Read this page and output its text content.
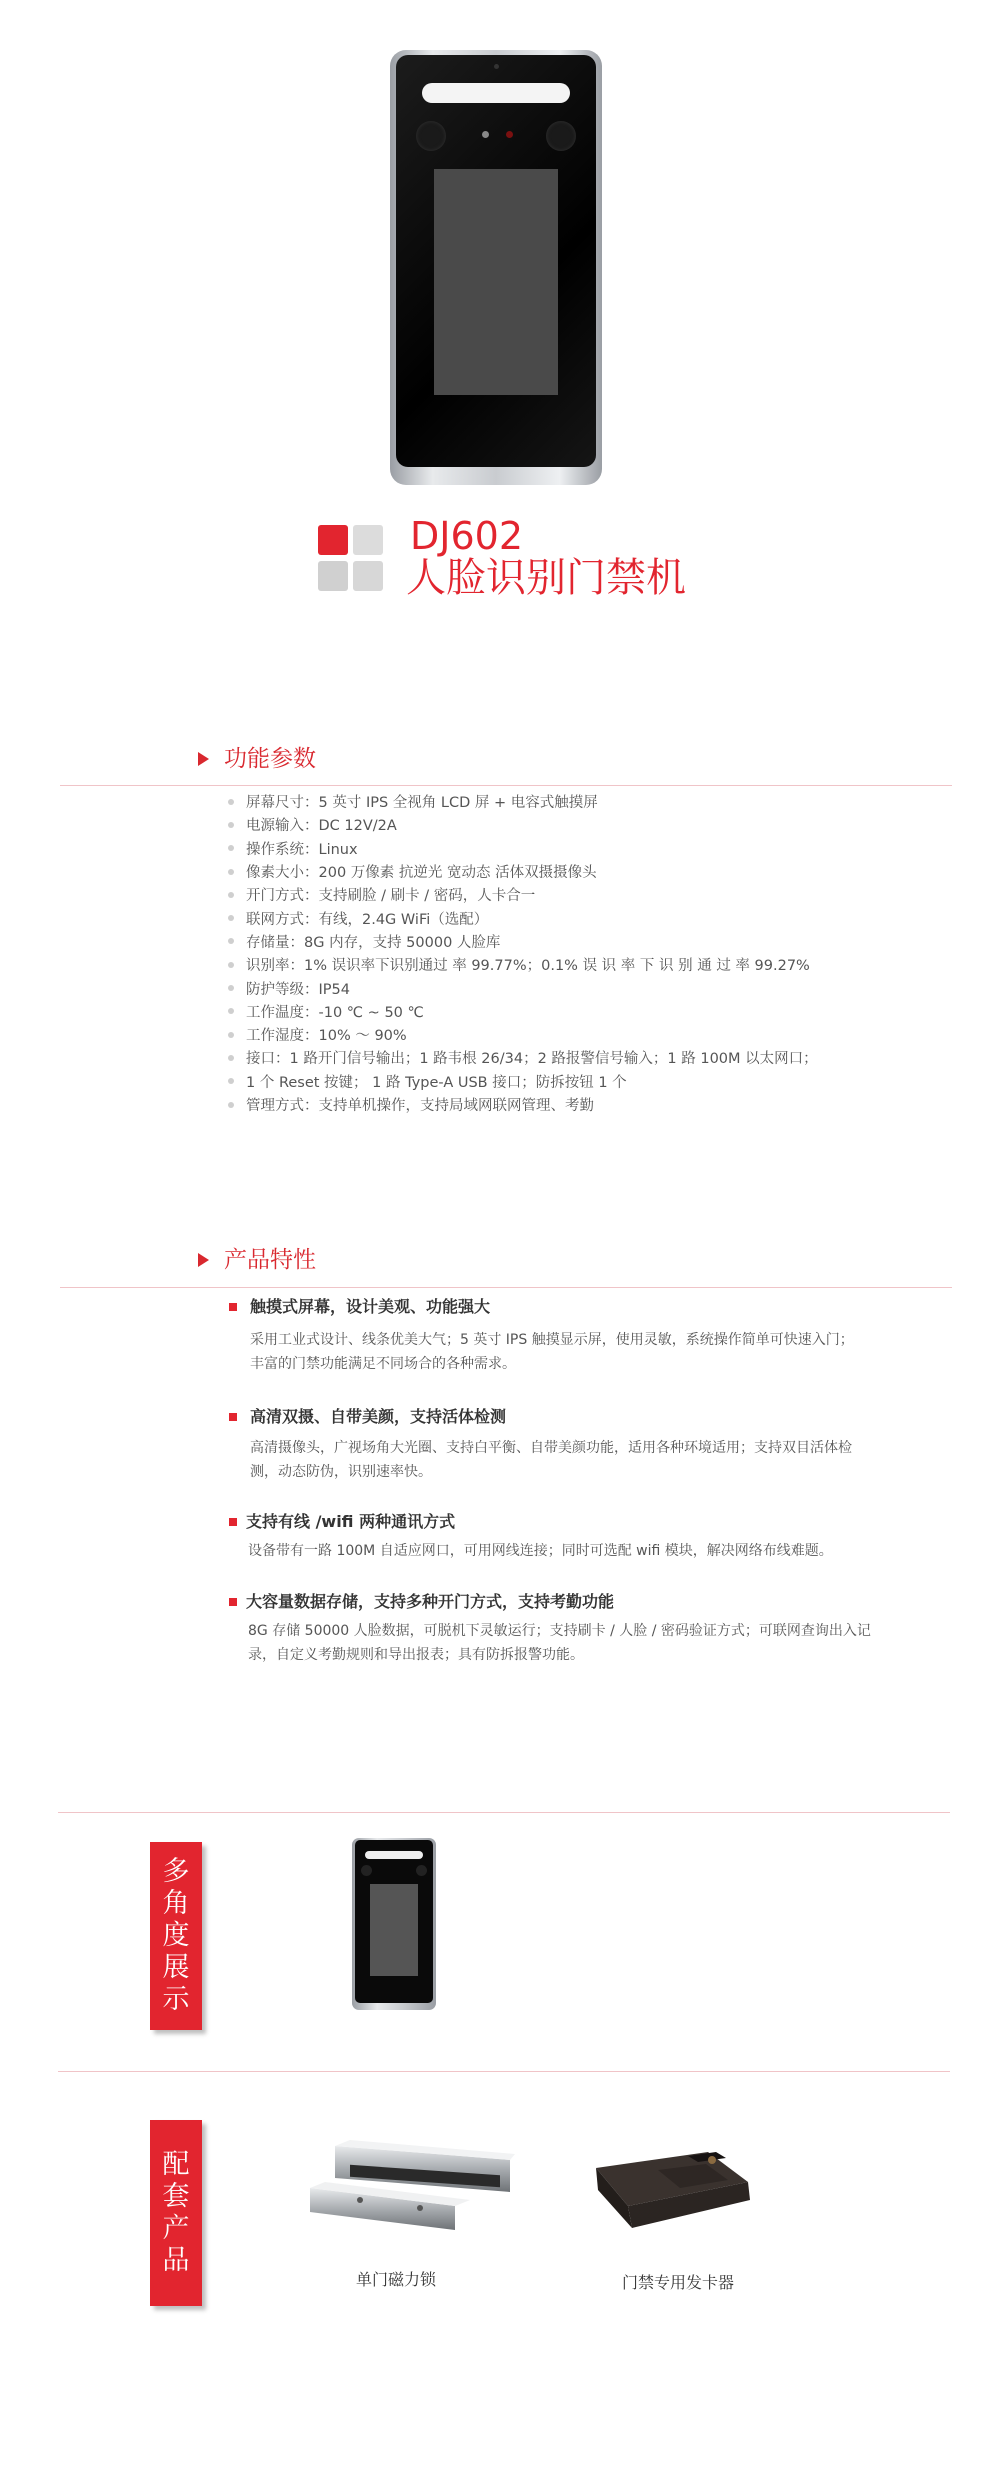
DJ602
人脸识别门禁机
功能参数
屏幕尺寸：5 英寸 IPS 全视角 LCD 屏 + 电容式触摸屏
电源输入：DC 12V/2A
操作系统：Linux
像素大小：200 万像素 抗逆光 宽动态 活体双摄摄像头
开门方式：支持刷脸 / 刷卡 / 密码，人卡合一
联网方式：有线，2.4G WiFi（选配）
存储量：8G 内存，支持 50000 人脸库
识别率：1% 误识率下识别通过 率 99.77%；0.1% 误 识 率 下 识 别 通 过 率 99.27%
防护等级：IP54
工作温度：-10 ℃ ~ 50 ℃
工作湿度：10% ～ 90%
接口：1 路开门信号输出；1 路韦根 26/34；2 路报警信号输入；1 路 100M 以太网口；
1 个 Reset 按键； 1 路 Type-A USB 接口；防拆按钮 1 个
管理方式：支持单机操作，支持局域网联网管理、考勤
产品特性
触摸式屏幕，设计美观、功能强大
采用工业式设计、线条优美大气；5 英寸 IPS 触摸显示屏，使用灵敏，系统操作简单可快速入门；
丰富的门禁功能满足不同场合的各种需求。
高清双摄、自带美颜，支持活体检测
高清摄像头，广视场角大光圈、支持白平衡、自带美颜功能，适用各种环境适用；支持双目活体检
测，动态防伪，识别速率快。
支持有线 /wifi 两种通讯方式
设备带有一路 100M 自适应网口，可用网线连接；同时可选配 wifi 模块，解决网络布线难题。
大容量数据存储，支持多种开门方式，支持考勤功能
8G 存储 50000 人脸数据，可脱机下灵敏运行；支持刷卡 / 人脸 / 密码验证方式；可联网查询出入记
录，自定义考勤规则和导出报表；具有防拆报警功能。
多
角
度
展
示
配
套
产
品
单门磁力锁	门禁专用发卡器
